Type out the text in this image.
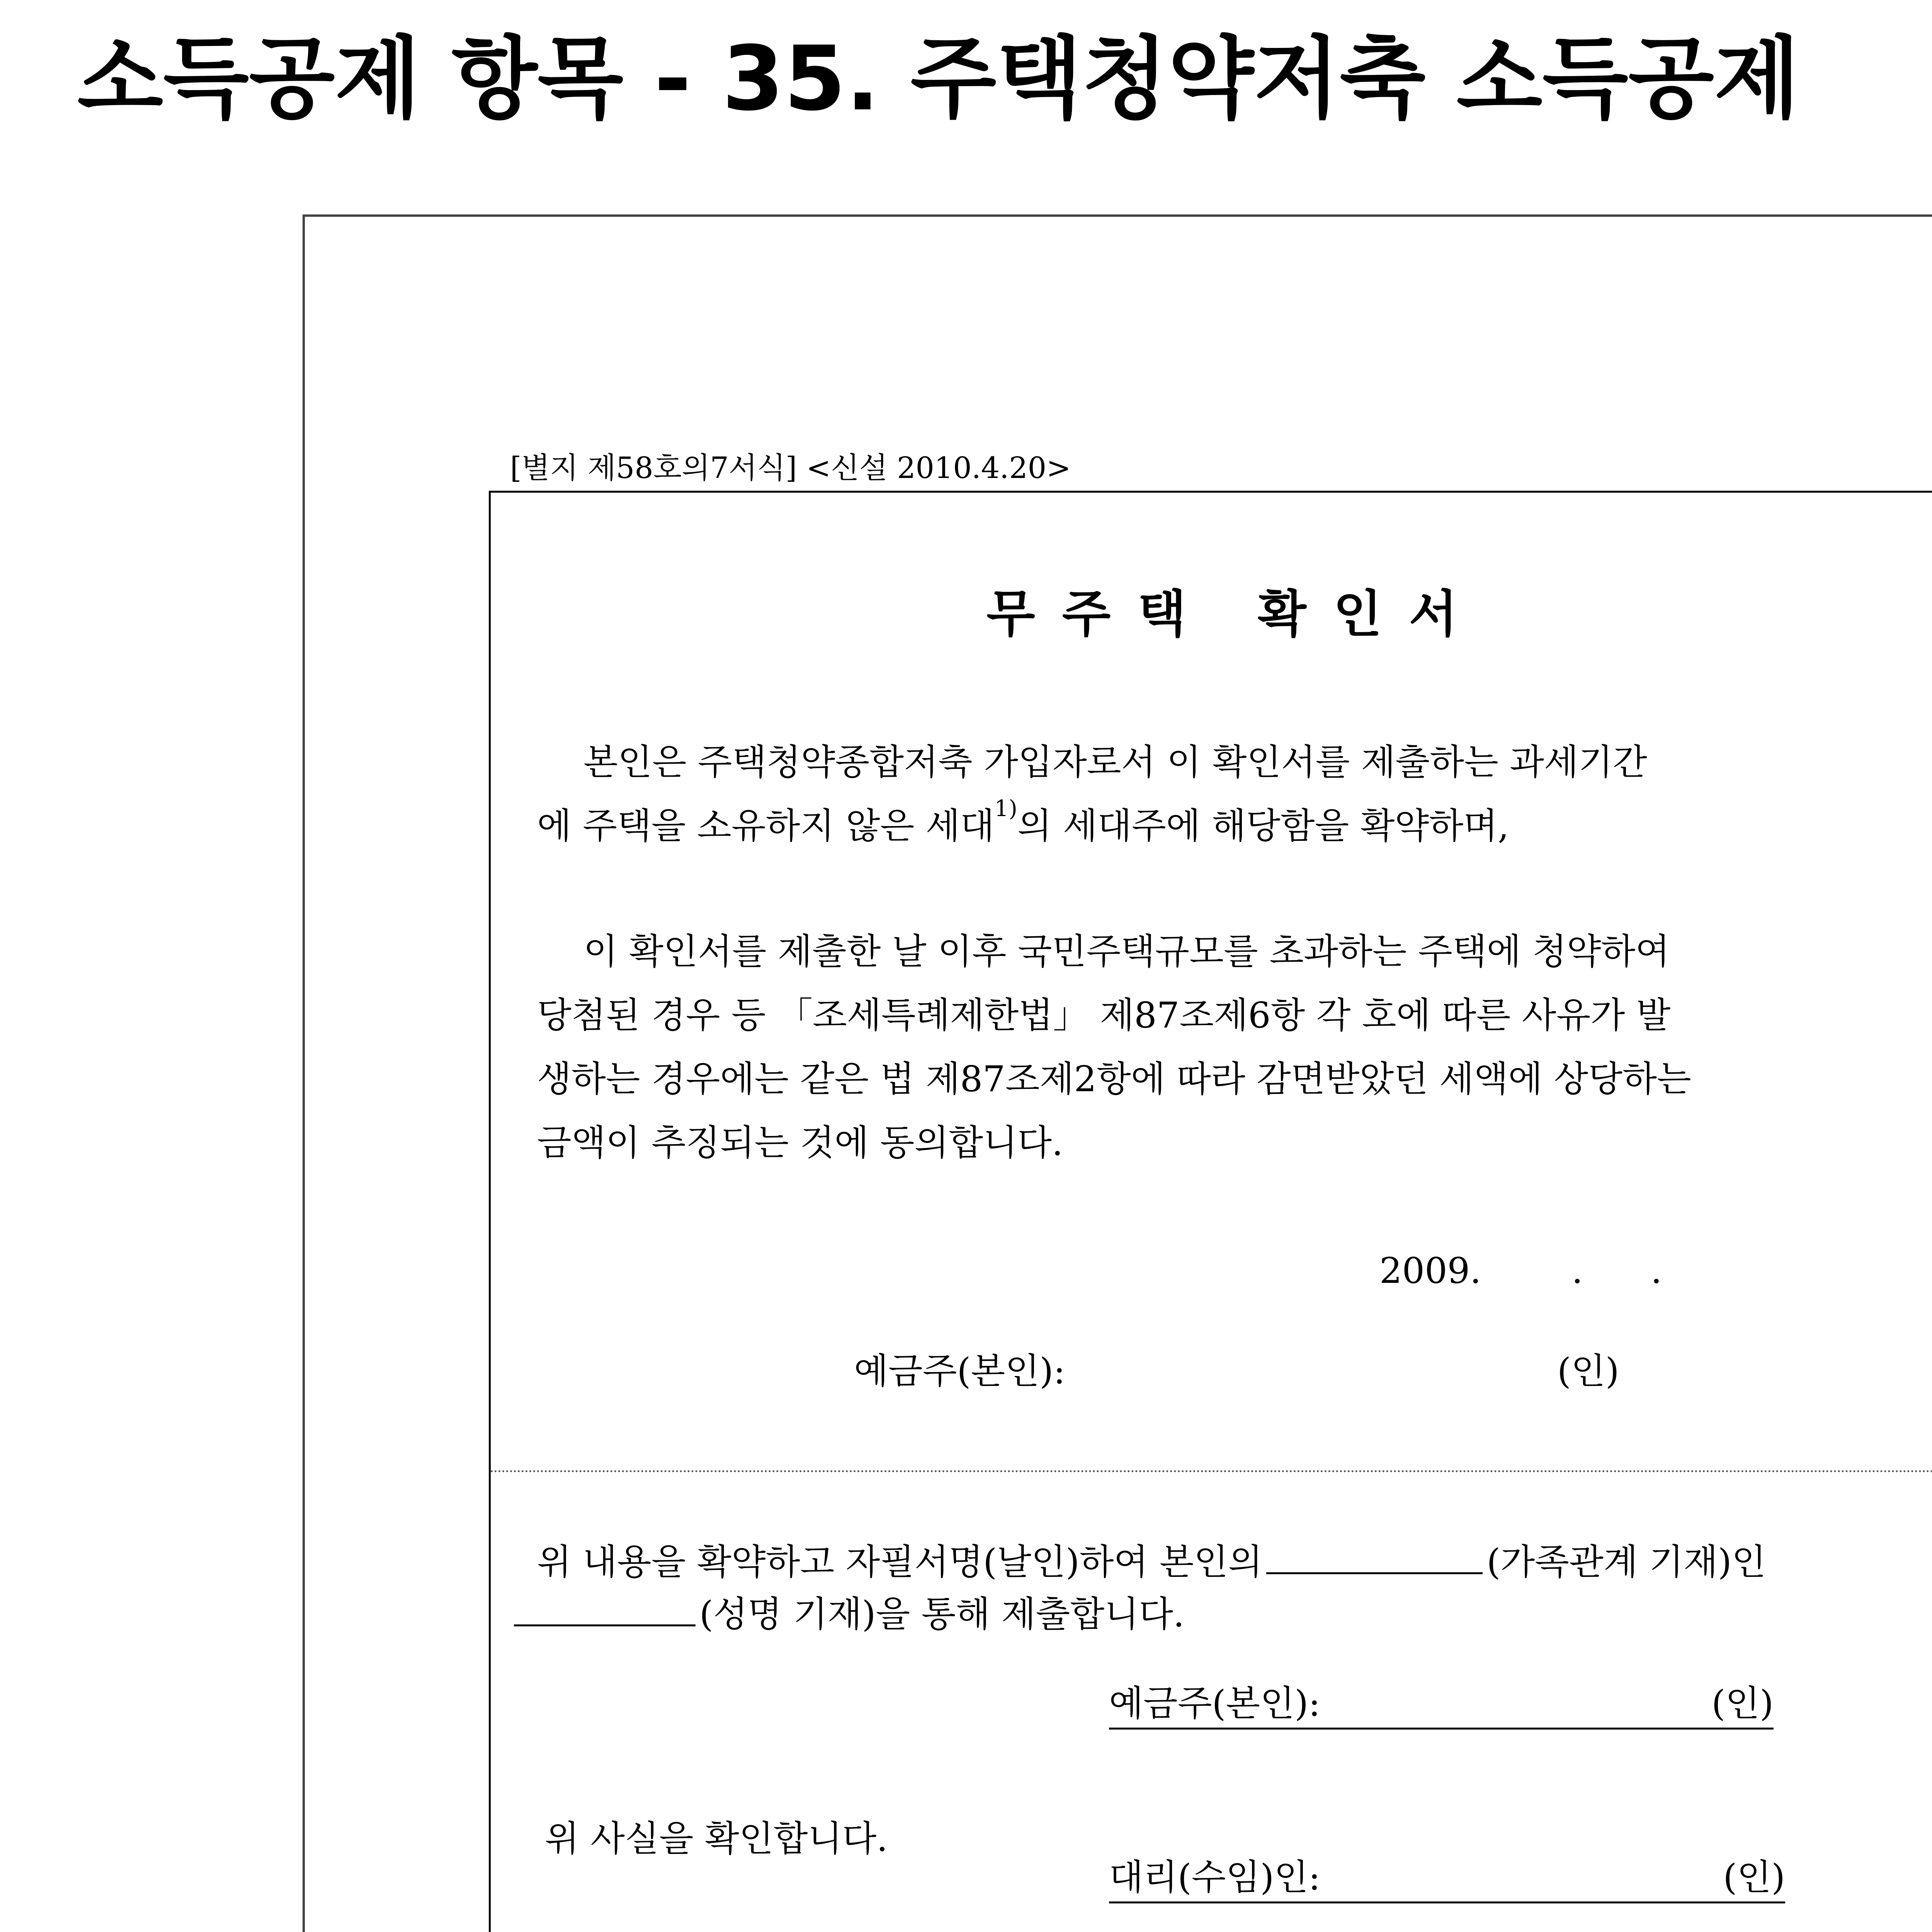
소득공제 항목 - 35. 주택청약저축 소득공제
[별지 제58호의7서식] <신설 2010.4.20>
무주택 확인서
본인은 주택청약종합저축 가입자로서 이 확인서를 제출하는 과세기간
에 주택을 소유하지 않은 세대$^{1)}$의 세대주에 해당함을 확약하며,
이 확인서를 제출한 날 이후 국민주택규모를 초과하는 주택에 청약하여
당첨된 경우 등 「조세특례제한법」 제87조제6항 각 호에 따른 사유가 발
생하는 경우에는 같은 법 제87조제2항에 따라 감면받았던 세액에 상당하는
금액이 추징되는 것에 동의합니다.
2009.        .      .
예금주(본인):	(인)
위 내용을 확약하고 자필서명(날인)하여 본인의	(가족관계 기재)인
(성명 기재)을 통해 제출합니다.
예금주(본인):	(인)
위 사실을 확인합니다.
대리(수임)인:	(인)
